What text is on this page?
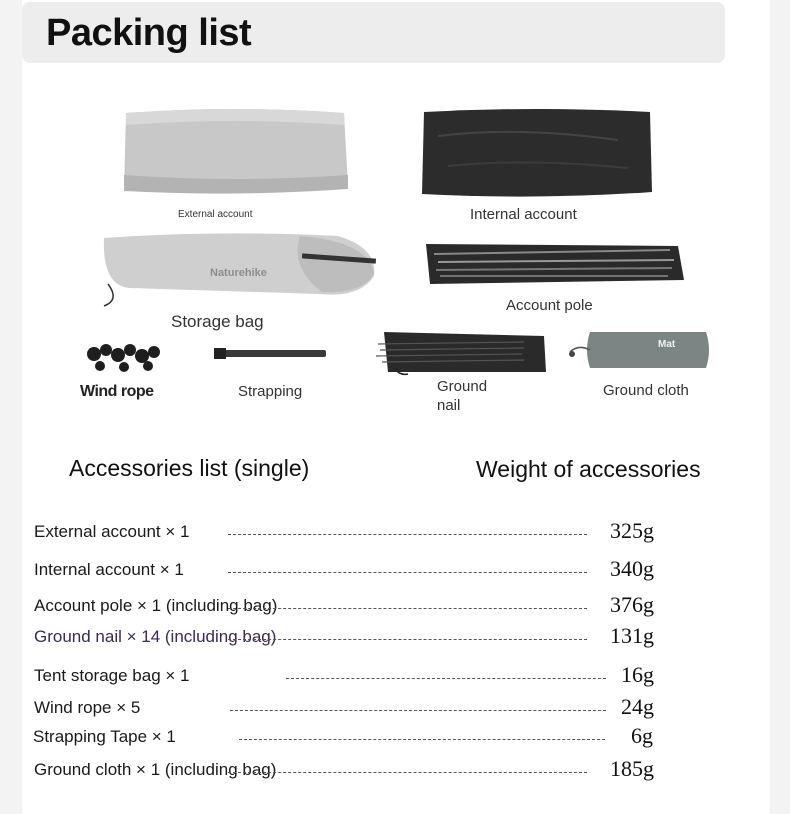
Packing list
External account	Internal account
Naturehike
Storage bag
Account pole
Wind rope	Strapping	Ground
nail
Mat
Ground cloth
Accessories list (single)	Weight of accessories
External account × 1	325g
Internal account × 1	340g
Account pole × 1 (including bag)	376g
Ground nail × 14 (including bag)	131g
Tent storage bag × 1	16g
Wind rope × 5	24g
Strapping Tape × 1	6g
Ground cloth × 1 (including bag)	185g
